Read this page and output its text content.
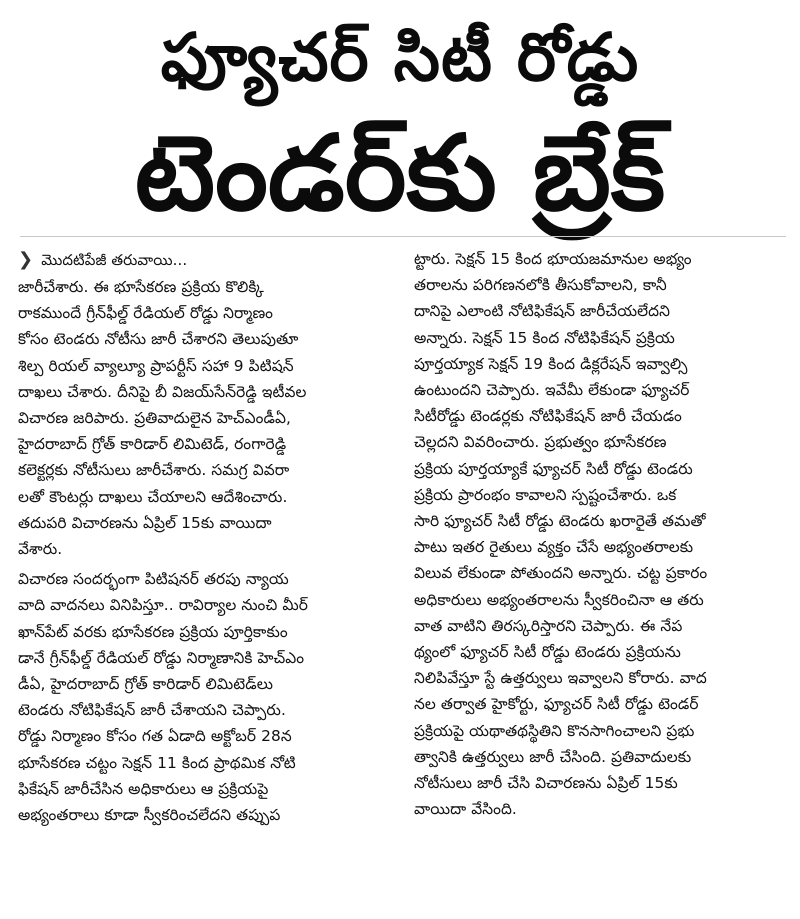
ఫ్యూచర్ సిటీ రోడ్డు
టెండర్‌కు బ్రేక్
❯ మొదటిపేజీ తరువాయి...

జారీచేశారు. ఈ భూసేకరణ ప్రక్రియ కొలిక్కి

రాకముందే గ్రీన్‌ఫీల్డ్ రేడియల్ రోడ్డు నిర్మాణం

కోసం టెండరు నోటీసు జారీ చేశారని తెలుపుతూ

శిల్ప రియల్ వ్యాల్యూ ప్రాపర్టీస్ సహా 9 పిటిషన్

దాఖలు చేశారు. దీనిపై బీ విజయ్‌సేన్‌రెడ్డి ఇటీవల

విచారణ జరిపారు. ప్రతివాదులైన హెచ్‌ఎండీఏ,

హైదరాబాద్ గ్రోత్ కారిడార్ లిమిటెడ్, రంగారెడ్డి

కలెక్టర్లకు నోటీసులు జారీచేశారు. సమగ్ర వివరా

లతో కౌంటర్లు దాఖలు చేయాలని ఆదేశించారు.

తదుపరి విచారణను ఏప్రిల్ 15కు వాయిదా

వేశారు.

విచారణ సందర్భంగా పిటిషనర్ తరపు న్యాయ

వాది వాదనలు వినిపిస్తూ.. రావిర్యాల నుంచి మీర్

ఖాన్‌పేట్ వరకు భూసేకరణ ప్రక్రియ పూర్తికాకుం

డానే గ్రీన్‌ఫీల్డ్ రేడియల్ రోడ్డు నిర్మాణానికి హెచ్‌ఎం

డీఏ, హైదరాబాద్ గ్రోత్ కారిడార్ లిమిటెడ్‌లు

టెండరు నోటిఫికేషన్ జారీ చేశాయని చెప్పారు.

రోడ్డు నిర్మాణం కోసం గత ఏడాది అక్టోబర్ 28న

భూసేకరణ చట్టం సెక్షన్ 11 కింద ప్రాథమిక నోటి

ఫికేషన్ జారీచేసిన అధికారులు ఆ ప్రక్రియపై

అభ్యంతరాలు కూడా స్వీకరించలేదని తప్పుప

ట్టారు. సెక్షన్ 15 కింద భూయజమానుల అభ్యం

తరాలను పరిగణనలోకి తీసుకోవాలని, కానీ

దానిపై ఎలాంటి నోటిఫికేషన్ జారీచేయలేదని

అన్నారు. సెక్షన్ 15 కింద నోటిఫికేషన్ ప్రక్రియ

పూర్తయ్యాక సెక్షన్ 19 కింద డిక్లరేషన్ ఇవ్వాల్సి

ఉంటుందని చెప్పారు. ఇవేమీ లేకుండా ఫ్యూచర్

సిటీరోడ్డు టెండర్లకు నోటిఫికేషన్ జారీ చేయడం

చెల్లదని వివరించారు. ప్రభుత్వం భూసేకరణ

ప్రక్రియ పూర్తయ్యాకే ఫ్యూచర్ సిటీ రోడ్డు టెండరు

ప్రక్రియ ప్రారంభం కావాలని స్పష్టంచేశారు. ఒక

సారి ఫ్యూచర్ సిటీ రోడ్డు టెండరు ఖరారైతే తమతో

పాటు ఇతర రైతులు వ్యక్తం చేసే అభ్యంతరాలకు

విలువ లేకుండా పోతుందని అన్నారు. చట్ట ప్రకారం

అధికారులు అభ్యంతరాలను స్వీకరించినా ఆ తరు

వాత వాటిని తిరస్కరిస్తారని చెప్పారు. ఈ నేప

థ్యంలో ఫ్యూచర్ సిటీ రోడ్డు టెండరు ప్రక్రియను

నిలిపివేస్తూ స్టే ఉత్తర్వులు ఇవ్వాలని కోరారు. వాద

నల తర్వాత హైకోర్టు, ఫ్యూచర్ సిటీ రోడ్డు టెండర్

ప్రక్రియపై యథాతథస్థితిని కొనసాగించాలని ప్రభు

త్వానికి ఉత్తర్వులు జారీ చేసింది. ప్రతివాదులకు

నోటీసులు జారీ చేసి విచారణను ఏప్రిల్ 15కు

వాయిదా వేసింది.
